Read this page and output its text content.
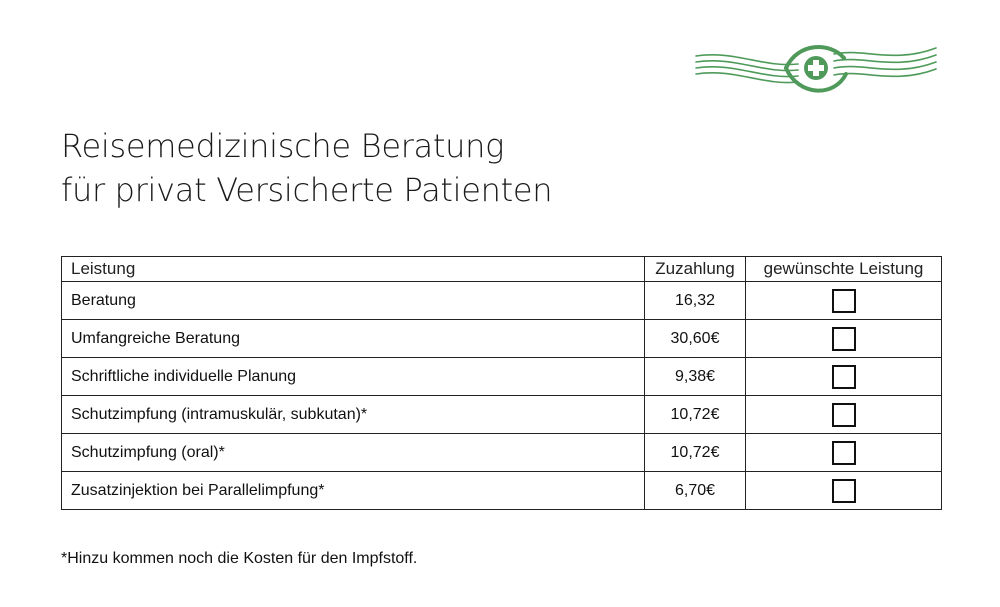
Reisemedizinische Beratung
für privat Versicherte Patienten
Leistung	Zuzahlung	gewünschte Leistung
Beratung	16,32	
Umfangreiche Beratung	30,60€	
Schriftliche individuelle Planung	9,38€	
Schutzimpfung (intramuskulär, subkutan)*	10,72€	
Schutzimpfung (oral)*	10,72€	
Zusatzinjektion bei Parallelimpfung*	6,70€	
*Hinzu kommen noch die Kosten für den Impfstoff.
